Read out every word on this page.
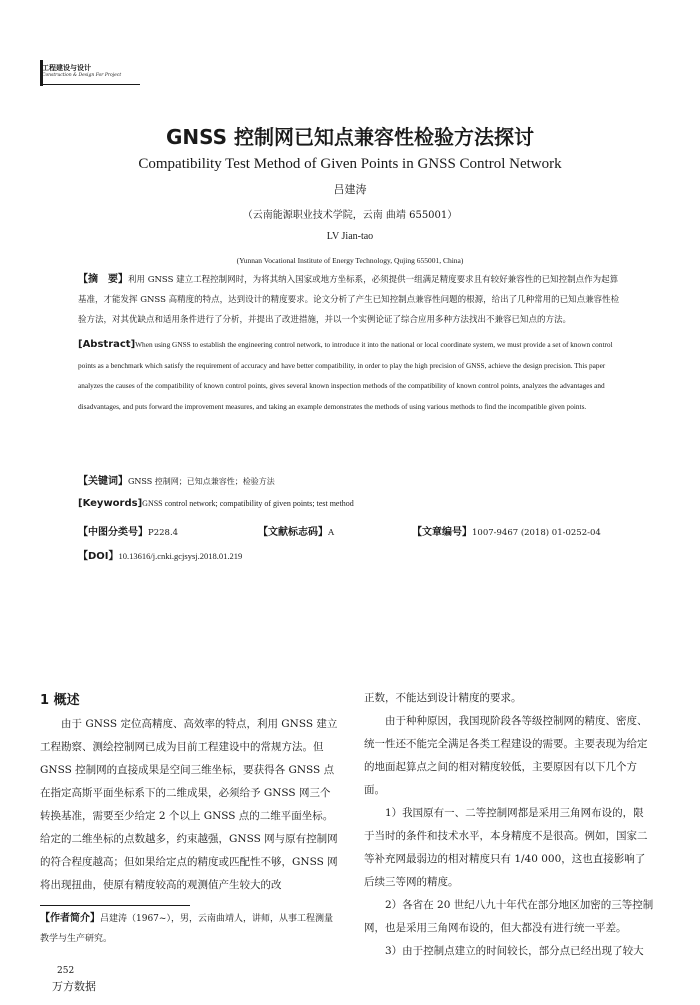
工程建设与设计
Construction & Design For Project
GNSS 控制网已知点兼容性检验方法探讨
Compatibility Test Method of Given Points in GNSS Control Network
吕建涛
（云南能源职业技术学院，云南 曲靖 655001）
LV Jian-tao
(Yunnan Vocational Institute of Energy Technology, Qujing 655001, China)
【摘　要】利用 GNSS 建立工程控制网时，为将其纳入国家或地方坐标系，必须提供一组满足精度要求且有较好兼容性的已知控制点作为起算基准，才能发挥 GNSS 高精度的特点，达到设计的精度要求。论文分析了产生已知控制点兼容性问题的根源，给出了几种常用的已知点兼容性检验方法，对其优缺点和适用条件进行了分析，并提出了改进措施，并以一个实例论证了综合应用多种方法找出不兼容已知点的方法。
[Abstract]When using GNSS to establish the engineering control network, to introduce it into the national or local coordinate system, we must provide a set of known control points as a benchmark which satisfy the requirement of accuracy and have better compatibility, in order to play the high precision of GNSS, achieve the design precision. This paper analyzes the causes of the compatibility of known control points, gives several known inspection methods of the compatibility of known control points, analyzes the advantages and disadvantages, and puts forward the improvement measures, and taking an example demonstrates the methods of using various methods to find the incompatible given points.
【关键词】GNSS 控制网；已知点兼容性；检验方法
[Keywords]GNSS control network; compatibility of given points; test method
【中图分类号】P228.4	【文献标志码】A	【文章编号】1007-9467 (2018) 01-0252-04
【DOI】10.13616/j.cnki.gcjsysj.2018.01.219
1 概述

由于 GNSS 定位高精度、高效率的特点，利用 GNSS 建立工程勘察、测绘控制网已成为目前工程建设中的常规方法。但 GNSS 控制网的直接成果是空间三维坐标，要获得各 GNSS 点在指定高斯平面坐标系下的二维成果，必须给予 GNSS 网三个转换基准，需要至少给定 2 个以上 GNSS 点的二维平面坐标。给定的二维坐标的点数越多，约束越强，GNSS 网与原有控制网的符合程度越高；但如果给定点的精度或匹配性不够，GNSS 网将出现扭曲，使原有精度较高的观测值产生较大的改

正数，不能达到设计精度的要求。

由于种种原因，我国现阶段各等级控制网的精度、密度、统一性还不能完全满足各类工程建设的需要。主要表现为给定的地面起算点之间的相对精度较低，主要原因有以下几个方面。

1）我国原有一、二等控制网都是采用三角网布设的，限于当时的条件和技术水平，本身精度不是很高。例如，国家二等补充网最弱边的相对精度只有 1/40 000，这也直接影响了后续三等网的精度。

2）各省在 20 世纪八九十年代在部分地区加密的三等控制网，也是采用三角网布设的，但大都没有进行统一平差。

3）由于控制点建立的时间较长，部分点已经出现了较大

【作者简介】吕建涛（1967~），男，云南曲靖人，讲师，从事工程测量教学与生产研究。
252
万方数据
